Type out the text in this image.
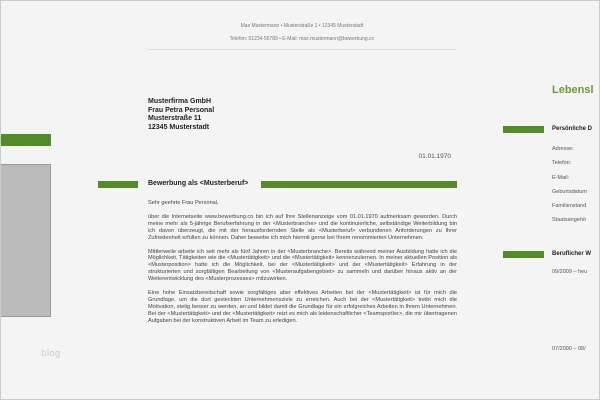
blog
Max Mustermann • Musterstraße 1 • 12345 Musterstadt
Telefon: 01234 56789 • E-Mail: max.mustermann@bewerbung.co
Musterfirma GmbH
Frau Petra Personal
Musterstraße 11
12345 Musterstadt
01.01.1970
Bewerbung als <Musterberuf>

Sehr geehrte Frau Personal,

über die Internetseite www.bewerbung.co bin ich auf Ihre Stellenanzeige vom 01.01.1970 aufmerksam geworden. Durch meine mehr als 5-jährige Berufserfahrung in der <Musterbranche> und die kontinuierliche, selbständige Weiterbildung bin ich davon überzeugt, die mit der herausfordernden Stelle als <Musterberuf> verbundenen Anforderungen zu Ihrer Zufriedenheit erfüllen zu können. Daher bewerbe ich mich hiermit gerne bei Ihrem renommierten Unternehmen.

Mittlerweile arbeite ich seit mehr als fünf Jahren in der <Musterbranche>. Bereits während meiner Ausbildung hatte ich die Möglichkeit, Tätigkeiten wie die <Mustertätigkeit> und die <Mustertätigkeit> kennenzulernen. In meiner aktuellen Position als <Musterposition> hatte ich die Möglichkeit, bei der <Mustertätigkeit> und der <Mustertätigkeit> Erfahrung in der strukturierten und sorgfältigen Bearbeitung von <Musteraufgabengebiet> zu sammeln und darüber hinaus aktiv an der Weiterentwicklung des <Musterprozesses> mitzuwirken.

Eine hohe Einsatzbereitschaft sowie sorgfältiges aber effektives Arbeiten bei der <Mustertätigkeit> ist für mich die Grundlage, um die dort gesteckten Unternehmensziele zu erreichen. Auch bei der <Mustertätigkeit> treibt mich die Motivation, stetig besser zu werden, an und bildet damit die Grundlage für ein erfolgreiches Arbeiten in Ihrem Unternehmen. Bei der <Mustertätigkeit> und der <Mustertätigkeit> reizt es mich als leidenschaftlicher <Teamsportler>, die mir übertragenen Aufgaben bei der konstruktiven Arbeit im Team zu erledigen.

Lebensl
Persönliche D
Adresse:
Telefon:
E-Mail:
Geburtsdatum
Familienstand
Staatsangehö
Beruflicher W
09/2009 – heu
07/2000 – 08/
